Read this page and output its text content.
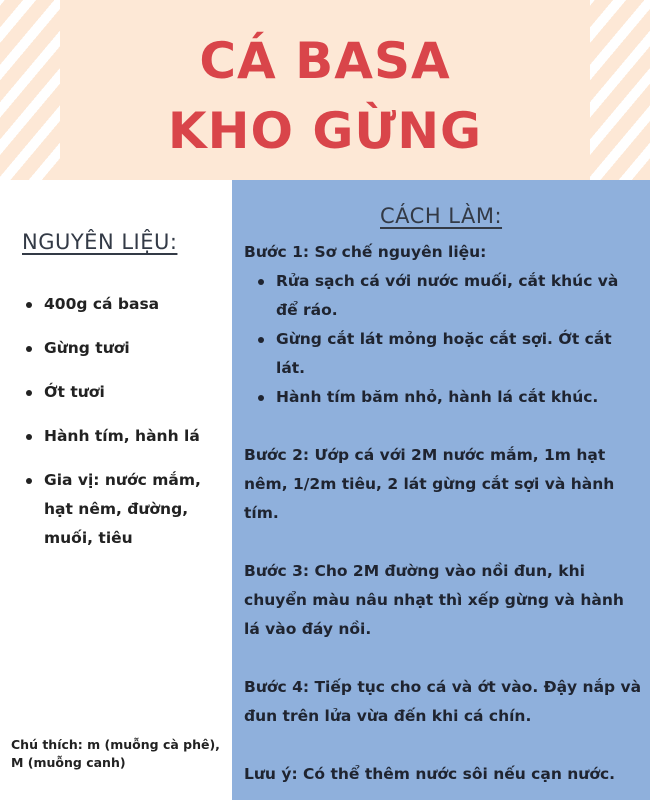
CÁ BASA
KHO GỪNG
NGUYÊN LIỆU:
400g cá basa
Gừng tươi
Ớt tươi
Hành tím, hành lá
Gia vị: nước mắm, hạt nêm, đường, muối, tiêu
Chú thích: m (muỗng cà phê), M (muỗng canh)
CÁCH LÀM:

Bước 1: Sơ chế nguyên liệu:

Rửa sạch cá với nước muối, cắt khúc và để ráo.
Gừng cắt lát mỏng hoặc cắt sợi. Ớt cắt lát.
Hành tím băm nhỏ, hành lá cắt khúc.

Bước 2: Ướp cá với 2M nước mắm, 1m hạt nêm, 1/2m tiêu, 2 lát gừng cắt sợi và hành tím.

Bước 3: Cho 2M đường vào nồi đun, khi chuyển màu nâu nhạt thì xếp gừng và hành lá vào đáy nồi.

Bước 4: Tiếp tục cho cá và ớt vào. Đậy nắp và đun trên lửa vừa đến khi cá chín.

Lưu ý: Có thể thêm nước sôi nếu cạn nước.
